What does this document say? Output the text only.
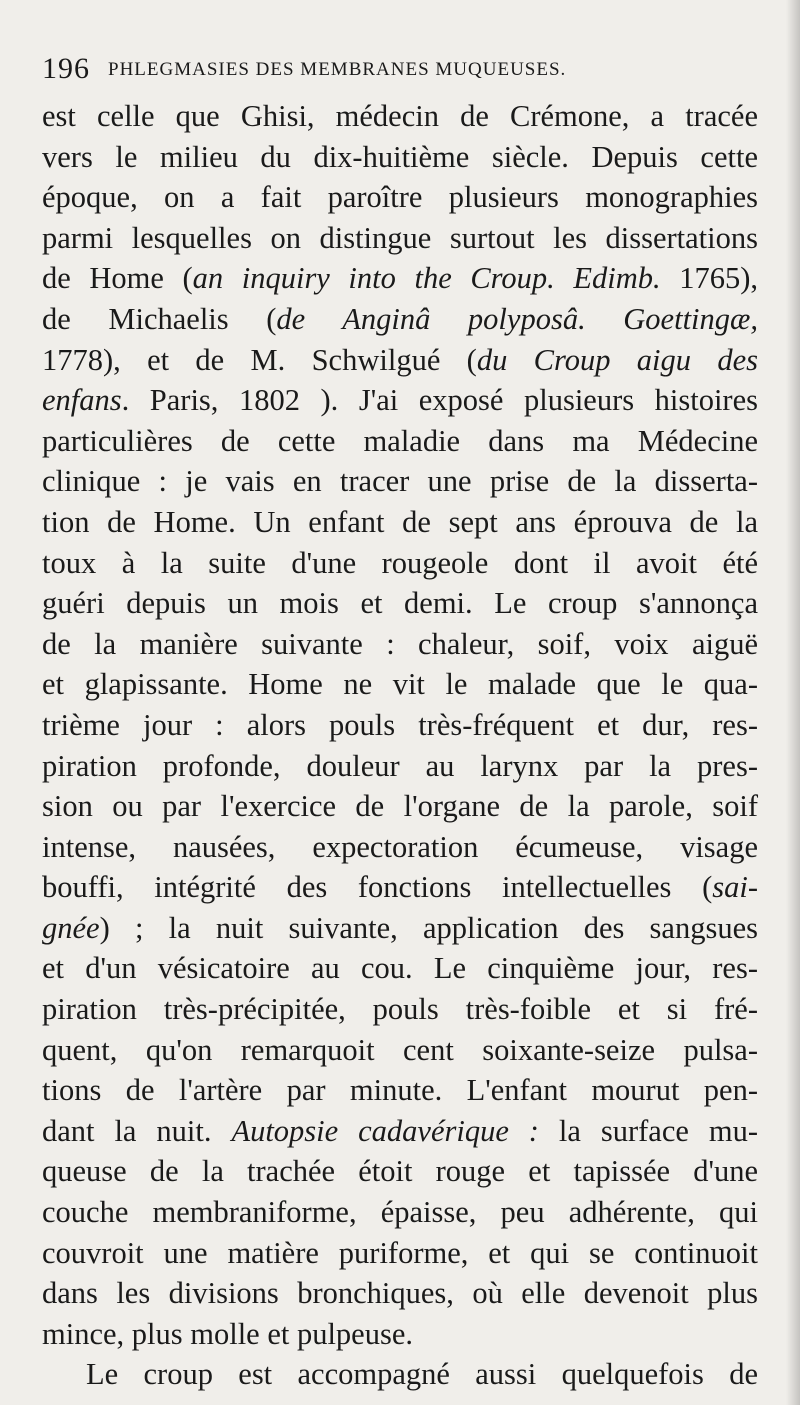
196 PHLEGMASIES DES MEMBRANES MUQUEUSES.
est celle que Ghisi, médecin de Crémone, a tracée
vers le milieu du dix-huitième siècle. Depuis cette
époque, on a fait paroître plusieurs monographies
parmi lesquelles on distingue surtout les dissertations
de Home (an inquiry into the Croup. Edimb. 1765),
de Michaelis (de Anginâ polyposâ. Goettingæ,
1778), et de M. Schwilgué (du Croup aigu des
enfans. Paris, 1802 ). J'ai exposé plusieurs histoires
particulières de cette maladie dans ma Médecine
clinique : je vais en tracer une prise de la disserta-
tion de Home. Un enfant de sept ans éprouva de la
toux à la suite d'une rougeole dont il avoit été
guéri depuis un mois et demi. Le croup s'annonça
de la manière suivante : chaleur, soif, voix aiguë
et glapissante. Home ne vit le malade que le qua-
trième jour : alors pouls très-fréquent et dur, res-
piration profonde, douleur au larynx par la pres-
sion ou par l'exercice de l'organe de la parole, soif
intense, nausées, expectoration écumeuse, visage
bouffi, intégrité des fonctions intellectuelles (sai-
gnée) ; la nuit suivante, application des sangsues
et d'un vésicatoire au cou. Le cinquième jour, res-
piration très-précipitée, pouls très-foible et si fré-
quent, qu'on remarquoit cent soixante-seize pulsa-
tions de l'artère par minute. L'enfant mourut pen-
dant la nuit. Autopsie cadavérique : la surface mu-
queuse de la trachée étoit rouge et tapissée d'une
couche membraniforme, épaisse, peu adhérente, qui
couvroit une matière puriforme, et qui se continuoit
dans les divisions bronchiques, où elle devenoit plus
mince, plus molle et pulpeuse.
Le croup est accompagné aussi quelquefois de
